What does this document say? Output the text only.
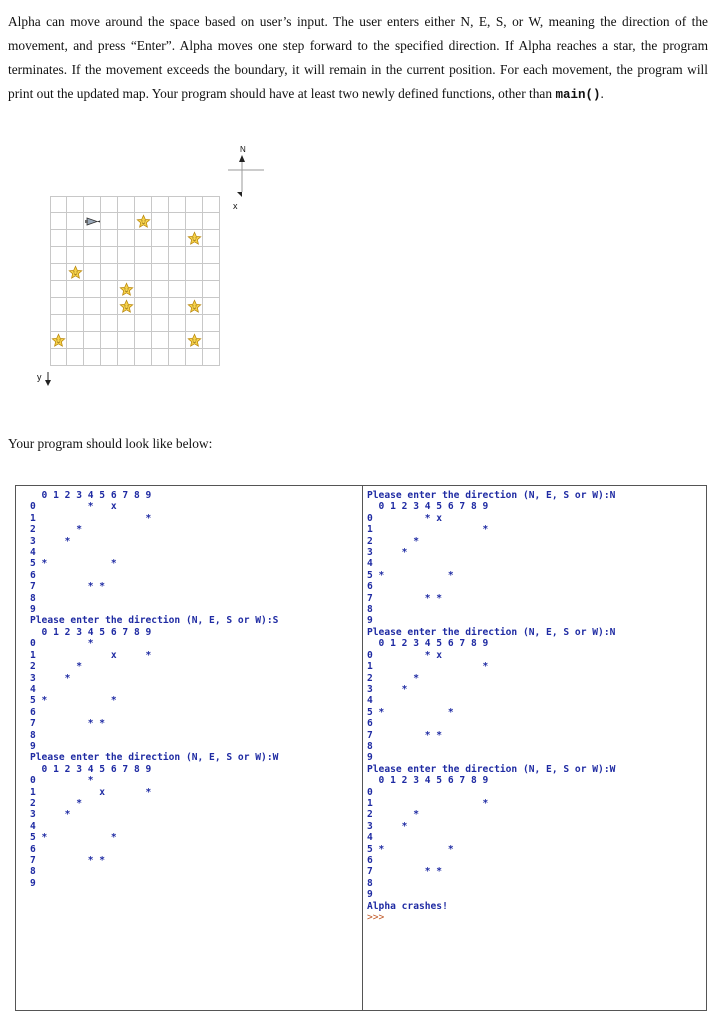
Alpha can move around the space based on user’s input. The user enters either N, E, S, or W, meaning the direction of the movement, and press “Enter”. Alpha moves one step forward to the specified direction. If Alpha reaches a star, the program terminates. If the movement exceeds the boundary, it will remain in the current position. For each movement, the program will print out the updated map. Your program should have at least two newly defined functions, other than main().
N
x
y
Your program should look like below:
0 1 2 3 4 5 6 7 8 9
0         *   x
1                   *
2       *
3     *
4
5 *           *
6
7         * *
8
9
Please enter the direction (N, E, S or W):S
0 1 2 3 4 5 6 7 8 9
0         *
1             x     *
2       *
3     *
4
5 *           *
6
7         * *
8
9
Please enter the direction (N, E, S or W):W
0 1 2 3 4 5 6 7 8 9
0         *
1           x       *
2       *
3     *
4
5 *           *
6
7         * *
8
9
Please enter the direction (N, E, S or W):N
0 1 2 3 4 5 6 7 8 9
0         * x
1                   *
2       *
3     *
4
5 *           *
6
7         * *
8
9
Please enter the direction (N, E, S or W):N
0 1 2 3 4 5 6 7 8 9
0         * x
1                   *
2       *
3     *
4
5 *           *
6
7         * *
8
9
Please enter the direction (N, E, S or W):W
0 1 2 3 4 5 6 7 8 9
0
1                   *
2       *
3     *
4
5 *           *
6
7         * *
8
9
Alpha crashes!
>>>
